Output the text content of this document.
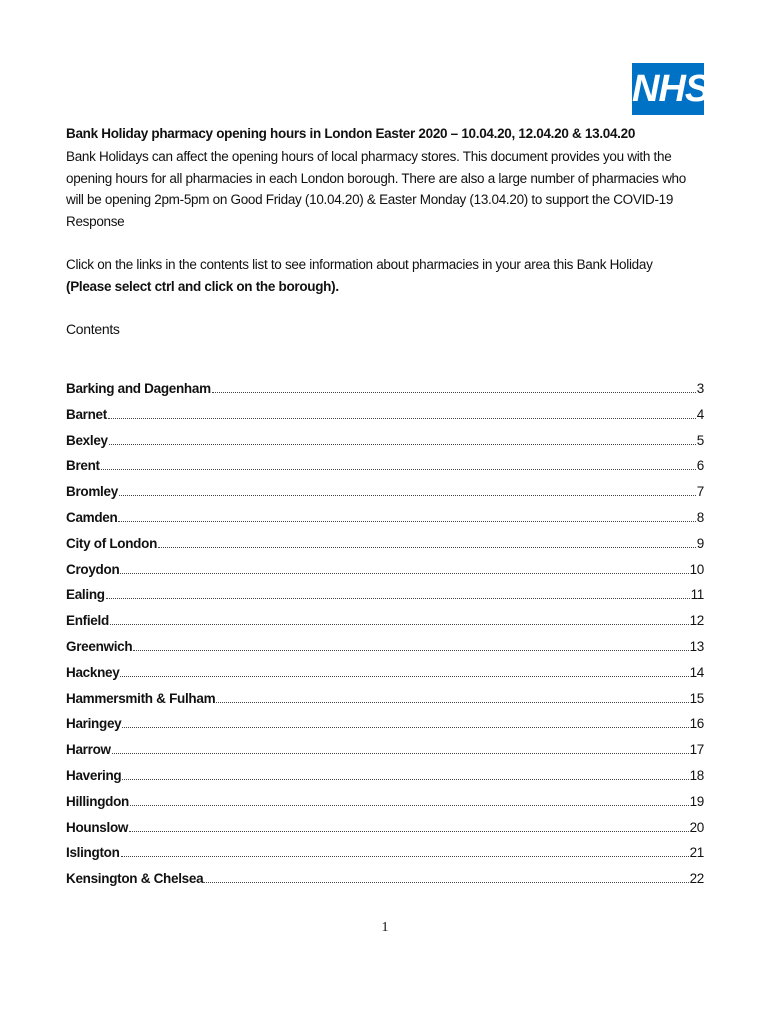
NHS

Bank Holiday pharmacy opening hours in London Easter 2020 – 10.04.20, 12.04.20 & 13.04.20

Bank Holidays can affect the opening hours of local pharmacy stores. This document provides you with the opening hours for all pharmacies in each London borough. There are also a large number of pharmacies who will be opening 2pm-5pm on Good Friday (10.04.20) & Easter Monday (13.04.20) to support the COVID-19 Response

Click on the links in the contents list to see information about pharmacies in your area this Bank Holiday
(Please select ctrl and click on the borough).
Contents
Barking and Dagenham	3
Barnet	4
Bexley	5
Brent	6
Bromley	7
Camden	8
City of London	9
Croydon	10
Ealing	11
Enfield	12
Greenwich	13
Hackney	14
Hammersmith & Fulham	15
Haringey	16
Harrow	17
Havering	18
Hillingdon	19
Hounslow	20
Islington	21
Kensington & Chelsea	22
1
